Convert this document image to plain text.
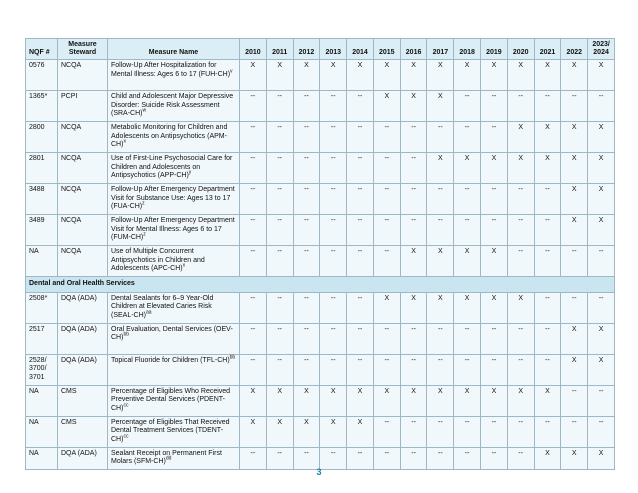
NQF #	Measure Steward	Measure Name	2010	2011	2012	2013	2014	2015	2016	2017	2018	2019	2020	2021	2022	2023/ 2024
0576	NCQA	Follow-Up After Hospitalization for Mental Illness: Ages 6 to 17 $(FUH-CH)^v$	X	X	X	X	X	X	X	X	X	X	X	X	X	X
1365*	PCPI	Child and Adolescent Major Depressive Disorder: Suicide Risk Assessment $(SRA-CH)^w$	--	--	--	--	--	X	X	X	--	--	--	--	--	--
2800	NCQA	Metabolic Monitoring for Children and Adolescents on Antipsychotics $(APM-CH)^x$	--	--	--	--	--	--	--	--	--	--	X	X	X	X
2801	NCQA	Use of First-Line Psychosocial Care for Children and Adolescents on Antipsychotics $(APP-CH)^y$	--	--	--	--	--	--	--	X	X	X	X	X	X	X
3488	NCQA	Follow-Up After Emergency Department Visit for Substance Use: Ages 13 to 17 $(FUA-CH)^z$	--	--	--	--	--	--	--	--	--	--	--	--	X	X
3489	NCQA	Follow-Up After Emergency Department Visit for Mental Illness: Ages 6 to 17 $(FUM-CH)^z$	--	--	--	--	--	--	--	--	--	--	--	--	X	X
NA	NCQA	Use of Multiple Concurrent Antipsychotics in Children and Adolescents $(APC-CH)^x$	--	--	--	--	--	--	X	X	X	X	--	--	--	--
Dental and Oral Health Services																
2508*	DQA (ADA)	Dental Sealants for 6–9 Year-Old Children at Elevated Caries Risk (SEAL-CH)$^{aa}$	--	--	--	--	--	X	X	X	X	X	X	--	--	--
2517	DQA (ADA)	Oral Evaluation, Dental Services $(OEV-CH)^{bb}$	--	--	--	--	--	--	--	--	--	--	--	--	X	X
2528/ 3700/ 3701	DQA (ADA)	Topical Fluoride for Children $(TFL-CH)^{bb}$	--	--	--	--	--	--	--	--	--	--	--	--	X	X
NA	CMS	Percentage of Eligibles Who Received Preventive Dental Services (PDENT-CH)$^{cc}$	X	X	X	X	X	X	X	X	X	X	X	X	--	--
NA	CMS	Percentage of Eligibles That Received Dental Treatment Services (TDENT-CH)$^{cc}$	X	X	X	X	X	--	--	--	--	--	--	--	--	--
NA	DQA (ADA)	Sealant Receipt on Permanent First Molars $(SFM-CH)^{dd}$	--	--	--	--	--	--	--	--	--	--	--	X	X	X
3
